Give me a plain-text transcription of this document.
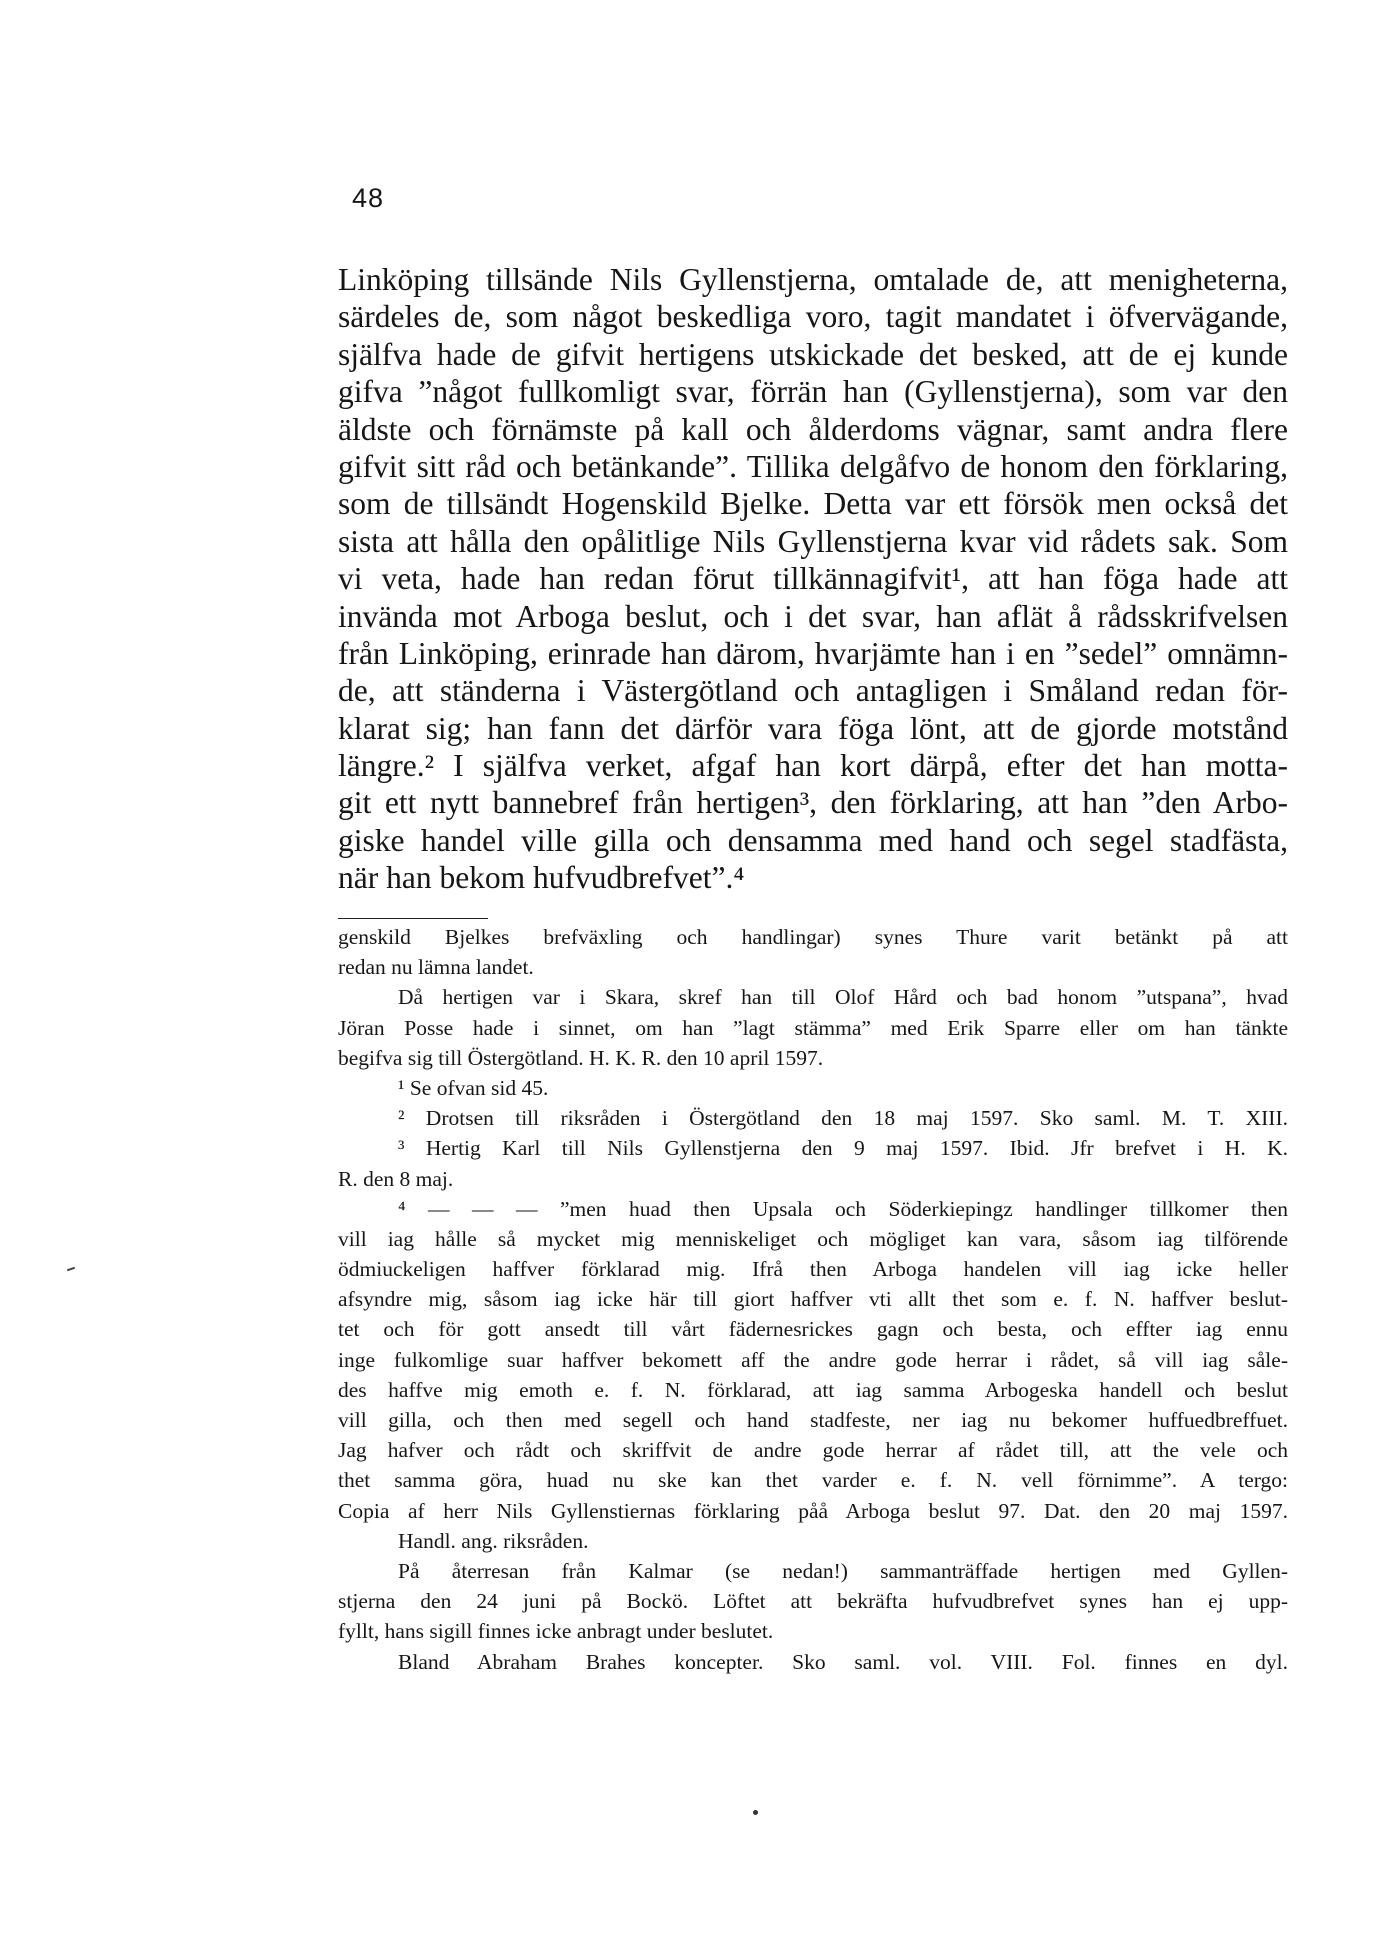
48
Linköping tillsände Nils Gyllenstjerna, omtalade de, att menigheterna,
särdeles de, som något beskedliga voro, tagit mandatet i öfvervägande,
själfva hade de gifvit hertigens utskickade det besked, att de ej kunde
gifva ”något fullkomligt svar, förrän han (Gyllenstjerna), som var den
äldste och förnämste på kall och ålderdoms vägnar, samt andra flere
gifvit sitt råd och betänkande”. Tillika delgåfvo de honom den förklaring,
som de tillsändt Hogenskild Bjelke. Detta var ett försök men också det
sista att hålla den opålitlige Nils Gyllenstjerna kvar vid rådets sak. Som
vi veta, hade han redan förut tillkännagifvit¹, att han föga hade att
invända mot Arboga beslut, och i det svar, han aflät å rådsskrifvelsen
från Linköping, erinrade han därom, hvarjämte han i en ”sedel” omnämn-
de, att ständerna i Västergötland och antagligen i Småland redan för-
klarat sig; han fann det därför vara föga lönt, att de gjorde motstånd
längre.² I själfva verket, afgaf han kort därpå, efter det han motta-
git ett nytt bannebref från hertigen³, den förklaring, att han ”den Arbo-
giske handel ville gilla och densamma med hand och segel stadfästa,
när han bekom hufvudbrefvet”.⁴
genskild Bjelkes brefväxling och handlingar) synes Thure varit betänkt på att
redan nu lämna landet.
Då hertigen var i Skara, skref han till Olof Hård och bad honom ”utspana”, hvad
Jöran Posse hade i sinnet, om han ”lagt stämma” med Erik Sparre eller om han tänkte
begifva sig till Östergötland. H. K. R. den 10 april 1597.
¹ Se ofvan sid 45.
² Drotsen till riksråden i Östergötland den 18 maj 1597. Sko saml. M. T. XIII.
³ Hertig Karl till Nils Gyllenstjerna den 9 maj 1597. Ibid. Jfr brefvet i H. K.
R. den 8 maj.
⁴ — — — ”men huad then Upsala och Söderkiepingz handlinger tillkomer then
vill iag hålle så mycket mig menniskeliget och mögliget kan vara, såsom iag tilförende
ödmiuckeligen haffver förklarad mig. Ifrå then Arboga handelen vill iag icke heller
afsyndre mig, såsom iag icke här till giort haffver vti allt thet som e. f. N. haffver beslut-
tet och för gott ansedt till vårt fädernesrickes gagn och besta, och effter iag ennu
inge fulkomlige suar haffver bekomett aff the andre gode herrar i rådet, så vill iag såle-
des haffve mig emoth e. f. N. förklarad, att iag samma Arbogeska handell och beslut
vill gilla, och then med segell och hand stadfeste, ner iag nu bekomer huffuedbreffuet.
Jag hafver och rådt och skriffvit de andre gode herrar af rådet till, att the vele och
thet samma göra, huad nu ske kan thet varder e. f. N. vell förnimme”. A tergo:
Copia af herr Nils Gyllenstiernas förklaring påå Arboga beslut 97. Dat. den 20 maj 1597.
Handl. ang. riksråden.
På återresan från Kalmar (se nedan!) sammanträffade hertigen med Gyllen-
stjerna den 24 juni på Bockö. Löftet att bekräfta hufvudbrefvet synes han ej upp-
fyllt, hans sigill finnes icke anbragt under beslutet.
Bland Abraham Brahes koncepter. Sko saml. vol. VIII. Fol. finnes en dyl.
